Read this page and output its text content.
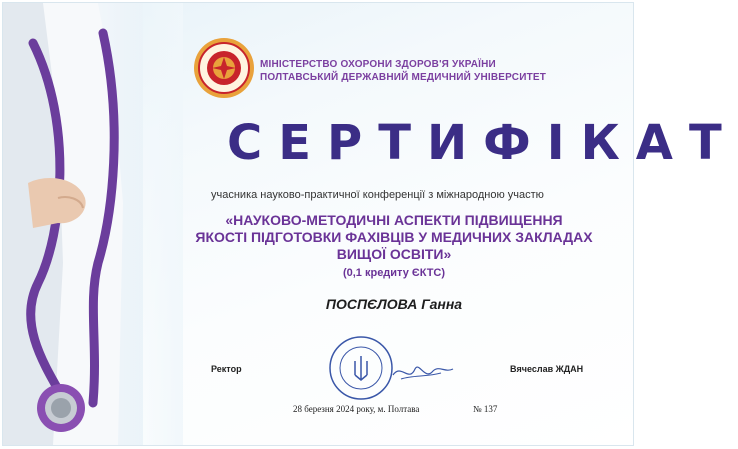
МІНІСТЕРСТВО ОХОРОНИ ЗДОРОВ'Я УКРАЇНИ
ПОЛТАВСЬКИЙ ДЕРЖАВНИЙ МЕДИЧНИЙ УНІВЕРСИТЕТ
СЕРТИФІКАТ
учасника науково-практичної конференції з міжнародною участю
«НАУКОВО-МЕТОДИЧНІ АСПЕКТИ ПІДВИЩЕННЯ
ЯКОСТІ ПІДГОТОВКИ ФАХІВЦІВ У МЕДИЧНИХ ЗАКЛАДАХ
ВИЩОЇ ОСВІТИ»
(0,1 кредиту ЄКТС)
ПОСПЄЛОВА Ганна
Ректор	Вячеслав ЖДАН
28 березня 2024 року, м. Полтава	№ 137
